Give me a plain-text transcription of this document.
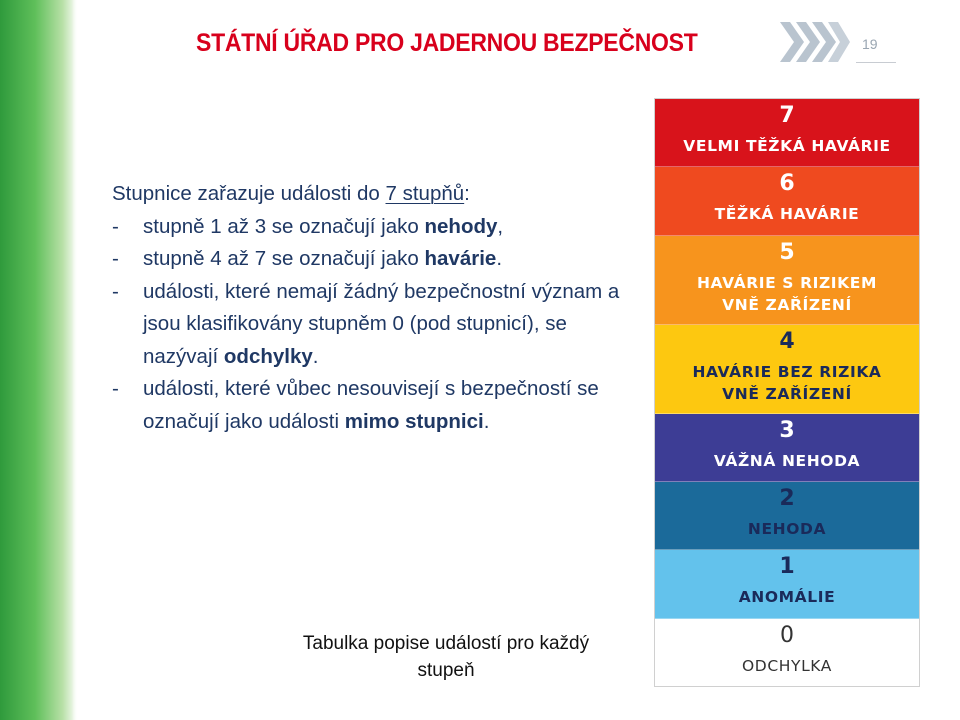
STÁTNÍ ÚŘAD PRO JADERNOU BEZPEČNOST	19

Stupnice zařazuje události do 7 stupňů:

- stupně 1 až 3 se označují jako nehody,

- stupně 4 až 7 se označují jako havárie.

- události, které nemají žádný bezpečnostní význam a jsou klasifikovány stupněm 0 (pod stupnicí), se nazývají odchylky.

- události, které vůbec nesouvisejí s bezpečností se označují jako události mimo stupnici.

7
VELMI TĚŽKÁ HAVÁRIE
6
TĚŽKÁ HAVÁRIE
5
HAVÁRIE S RIZIKEM
VNĚ ZAŘÍZENÍ
4
HAVÁRIE BEZ RIZIKA
VNĚ ZAŘÍZENÍ
3
VÁŽNÁ NEHODA
2
NEHODA
1
ANOMÁLIE
0
ODCHYLKA
Tabulka popise událostí pro každý
stupeň
